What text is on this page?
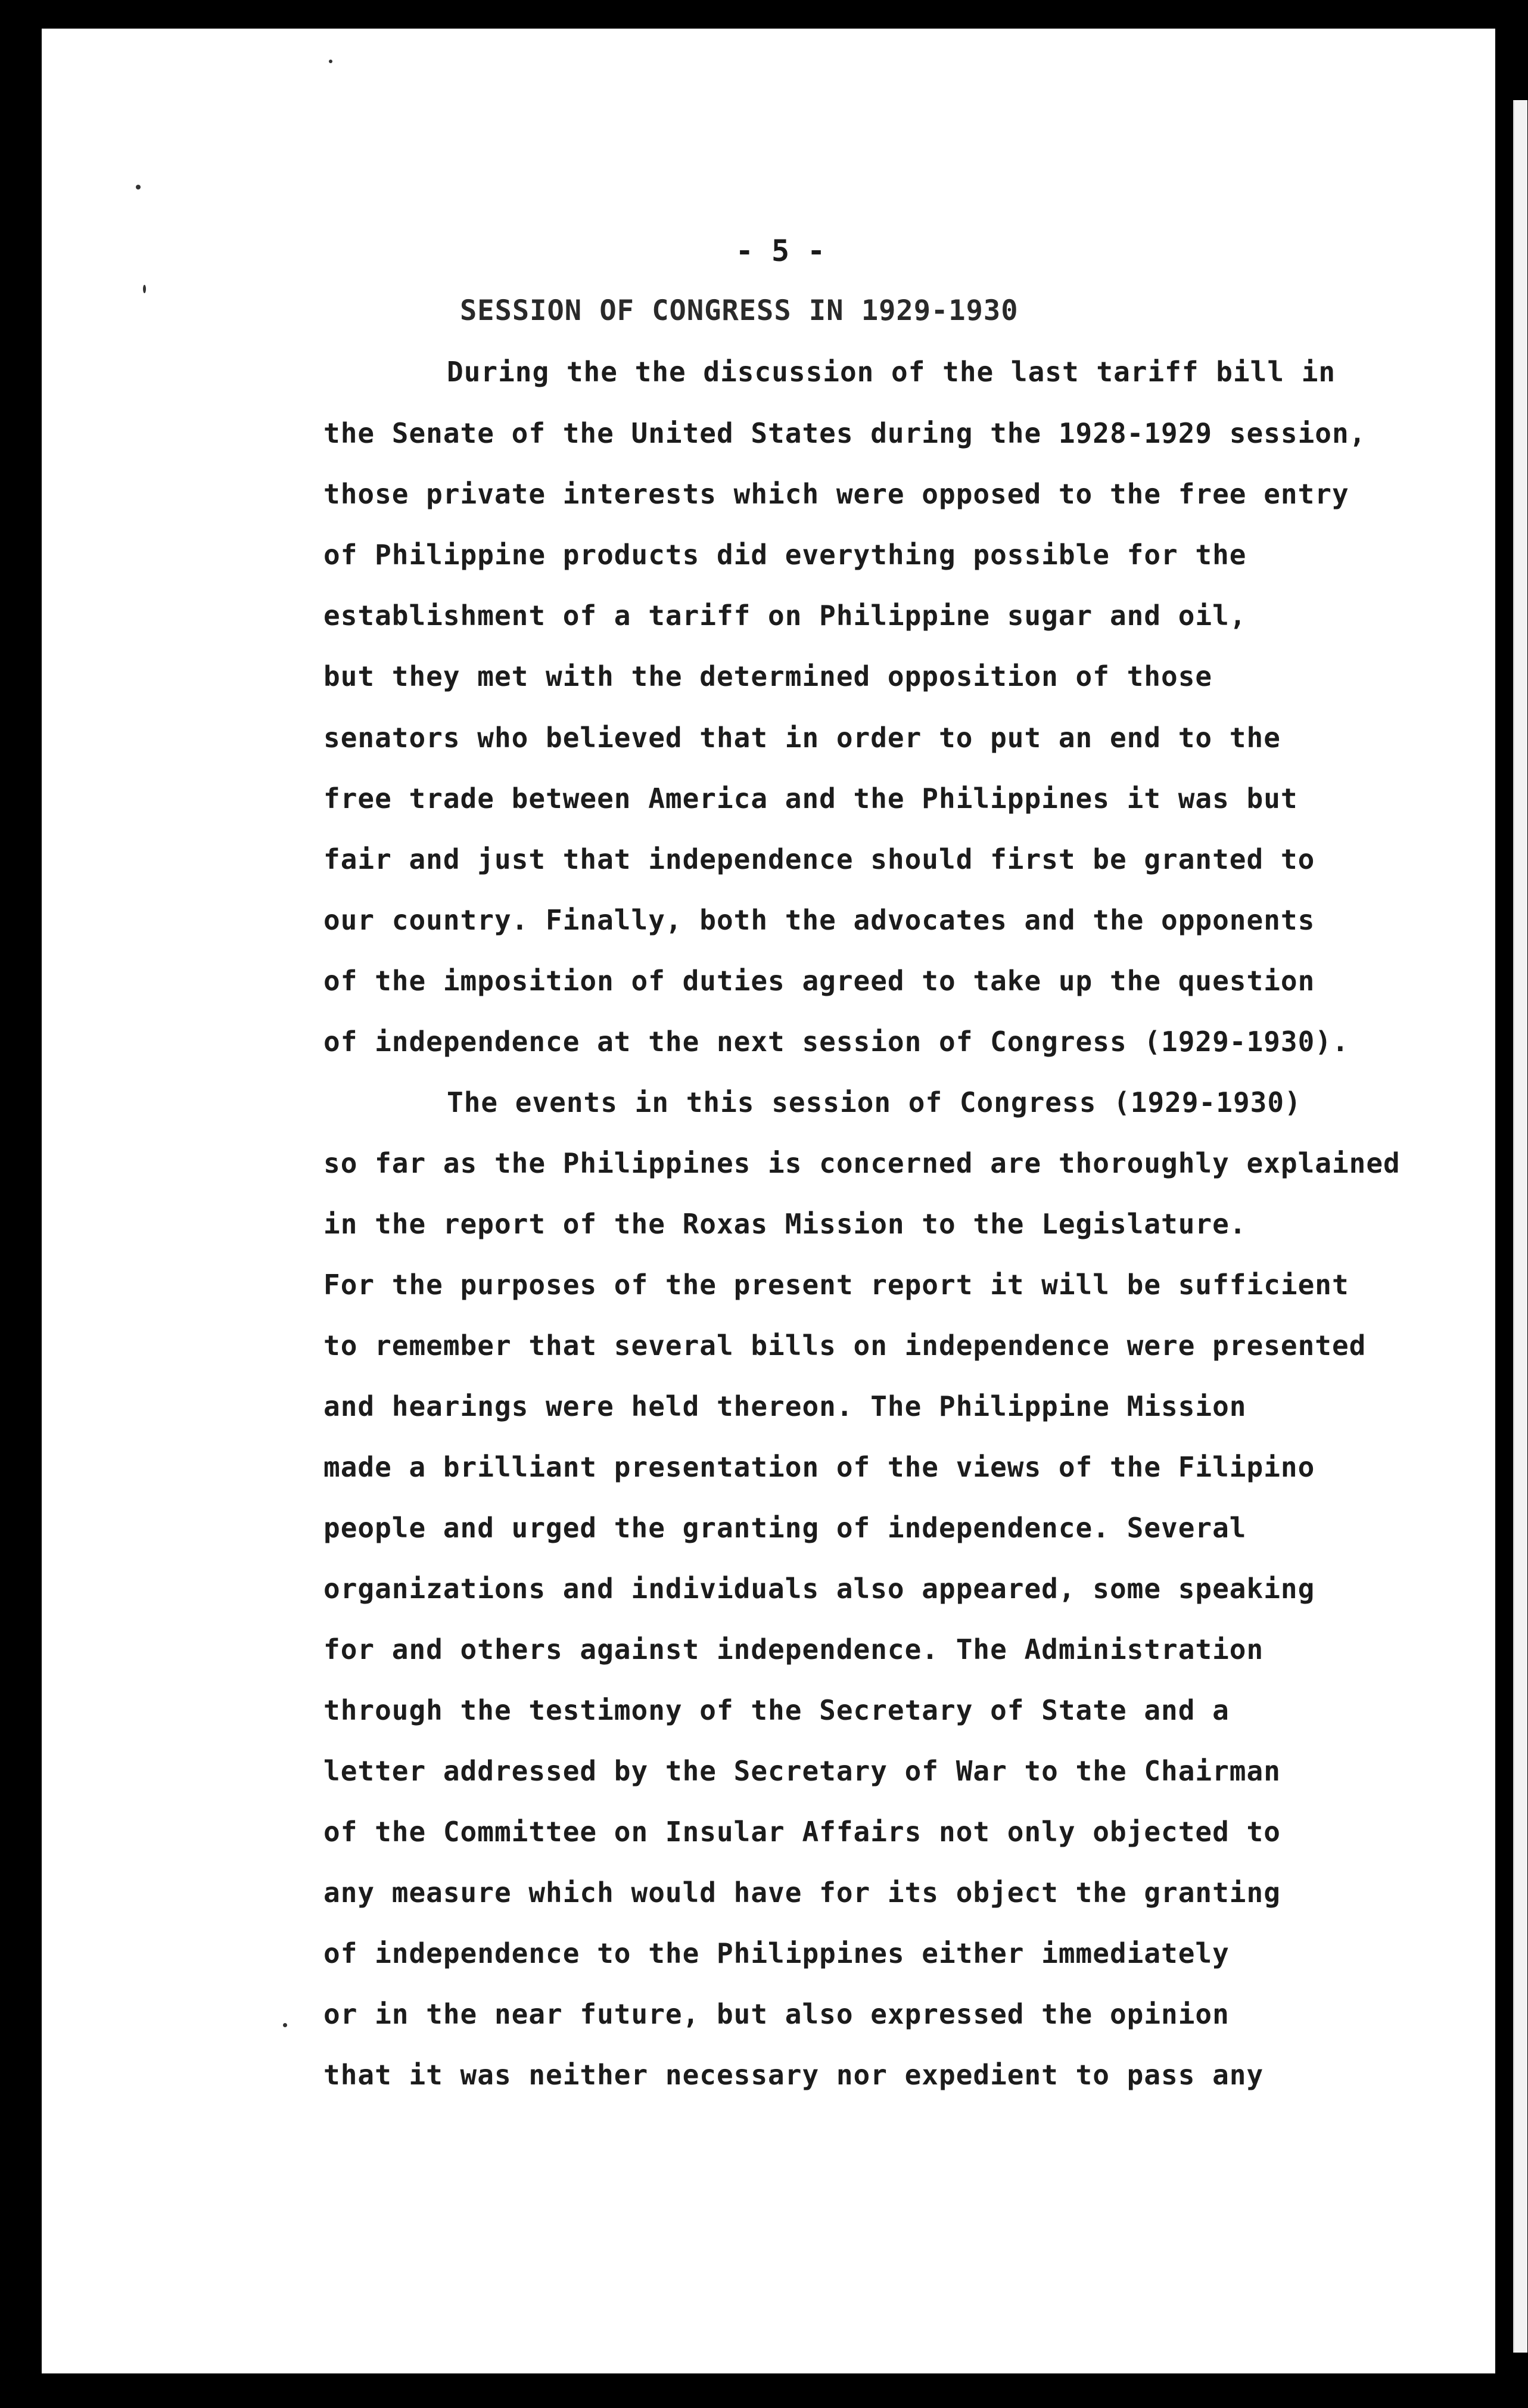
- 5 -
SESSION OF CONGRESS IN 1929-1930
During the the discussion of the last tariff bill in
the Senate of the United States during the 1928-1929 session,
those private interests which were opposed to the free entry
of Philippine products did everything possible for the
establishment of a tariff on Philippine sugar and oil,
but they met with the determined opposition of those
senators who believed that in order to put an end to the
free trade between America and the Philippines it was but
fair and just that independence should first be granted to
our country. Finally, both the advocates and the opponents
of the imposition of duties agreed to take up the question
of independence at the next session of Congress (1929-1930).
The events in this session of Congress (1929-1930)
so far as the Philippines is concerned are thoroughly explained
in the report of the Roxas Mission to the Legislature.
For the purposes of the present report it will be sufficient
to remember that several bills on independence were presented
and hearings were held thereon. The Philippine Mission
made a brilliant presentation of the views of the Filipino
people and urged the granting of independence. Several
organizations and individuals also appeared, some speaking
for and others against independence. The Administration
through the testimony of the Secretary of State and a
letter addressed by the Secretary of War to the Chairman
of the Committee on Insular Affairs not only objected to
any measure which would have for its object the granting
of independence to the Philippines either immediately
or in the near future, but also expressed the opinion
that it was neither necessary nor expedient to pass any
